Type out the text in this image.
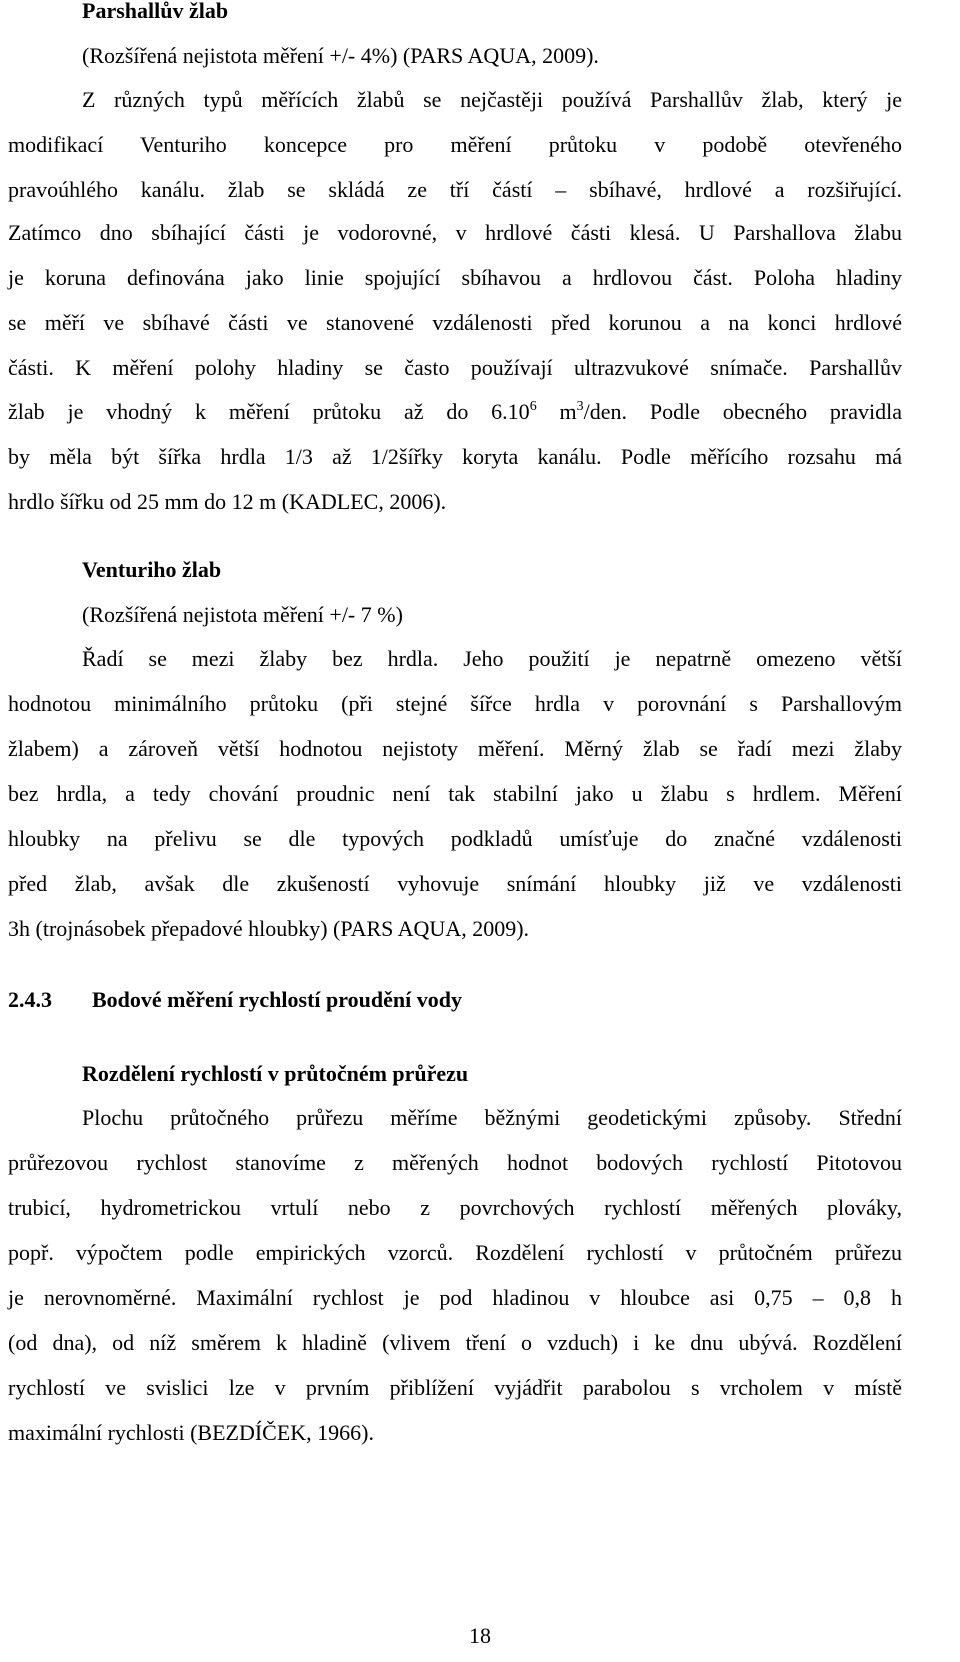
Parshallův žlab
(Rozšířená nejistota měření +/- 4%) (PARS AQUA, 2009).
Z různých typů měřících žlabů se nejčastěji používá Parshallův žlab, který je
modifikací Venturiho koncepce pro měření průtoku v podobě otevřeného
pravoúhlého kanálu. žlab se skládá ze tří částí – sbíhavé, hrdlové a rozšiřující.
Zatímco dno sbíhající části je vodorovné, v hrdlové části klesá. U Parshallova žlabu
je koruna definována jako linie spojující sbíhavou a hrdlovou část. Poloha hladiny
se měří ve sbíhavé části ve stanovené vzdálenosti před korunou a na konci hrdlové
části. K měření polohy hladiny se často používají ultrazvukové snímače. Parshallův
žlab je vhodný k měření průtoku až do 6.10$^6$ $m^3$/den. Podle obecného pravidla
by měla být šířka hrdla 1/3 až 1/2šířky koryta kanálu. Podle měřícího rozsahu má
hrdlo šířku od 25 mm do 12 m (KADLEC, 2006).
Venturiho žlab
(Rozšířená nejistota měření +/- 7 %)
Řadí se mezi žlaby bez hrdla. Jeho použití je nepatrně omezeno větší
hodnotou minimálního průtoku (při stejné šířce hrdla v porovnání s Parshallovým
žlabem) a zároveň větší hodnotou nejistoty měření. Měrný žlab se řadí mezi žlaby
bez hrdla, a tedy chování proudnic není tak stabilní jako u žlabu s hrdlem. Měření
hloubky na přelivu se dle typových podkladů umísťuje do značné vzdálenosti
před žlab, avšak dle zkušeností vyhovuje snímání hloubky již ve vzdálenosti
3h (trojnásobek přepadové hloubky) (PARS AQUA, 2009).
2.4.3 Bodové měření rychlostí proudění vody
Rozdělení rychlostí v průtočném průřezu
Plochu průtočného průřezu měříme běžnými geodetickými způsoby. Střední
průřezovou rychlost stanovíme z měřených hodnot bodových rychlostí Pitotovou
trubicí, hydrometrickou vrtulí nebo z povrchových rychlostí měřených plováky,
popř. výpočtem podle empirických vzorců. Rozdělení rychlostí v průtočném průřezu
je nerovnoměrné. Maximální rychlost je pod hladinou v hloubce asi 0,75 – 0,8 h
(od dna), od níž směrem k hladině (vlivem tření o vzduch) i ke dnu ubývá. Rozdělení
rychlostí ve svislici lze v prvním přiblížení vyjádřit parabolou s vrcholem v místě
maximální rychlosti (BEZDÍČEK, 1966).
18
